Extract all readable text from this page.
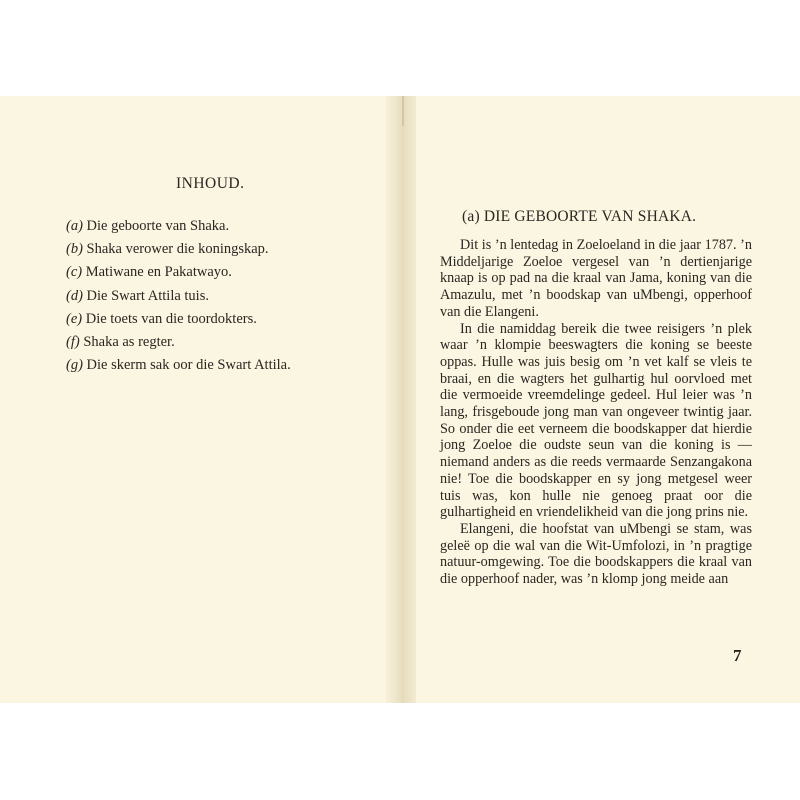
INHOUD.
(a) Die geboorte van Shaka.
(b) Shaka verower die koningskap.
(c) Matiwane en Pakatwayo.
(d) Die Swart Attila tuis.
(e) Die toets van die toordokters.
(f) Shaka as regter.
(g) Die skerm sak oor die Swart Attila.
(a) DIE GEBOORTE VAN SHAKA.

Dit is ’n lentedag in Zoeloeland in die jaar 1787. ’n Middeljarige Zoeloe vergesel van ’n dertienjarige knaap is op pad na die kraal van Jama, koning van die Amazulu, met ’n boodskap van uMbengi, opperhoof van die Elangeni.

In die namiddag bereik die twee reisigers ’n plek waar ’n klompie beeswagters die koning se beeste oppas. Hulle was juis besig om ’n vet kalf se vleis te braai, en die wagters het gulhartig hul oorvloed met die vermoeide vreemdelinge gedeel. Hul leier was ’n lang, frisgeboude jong man van ongeveer twintig jaar. So onder die eet verneem die boodskapper dat hierdie jong Zoeloe die oudste seun van die koning is — niemand anders as die reeds vermaarde Senzangakona nie! Toe die boodskapper en sy jong metgesel weer tuis was, kon hulle nie genoeg praat oor die gulhartigheid en vriendelikheid van die jong prins nie.

Elangeni, die hoofstat van uMbengi se stam, was geleë op die wal van die Wit-Umfolozi, in ’n pragtige natuur-omgewing. Toe die boodskappers die kraal van die opperhoof nader, was ’n klomp jong meide aan

7
